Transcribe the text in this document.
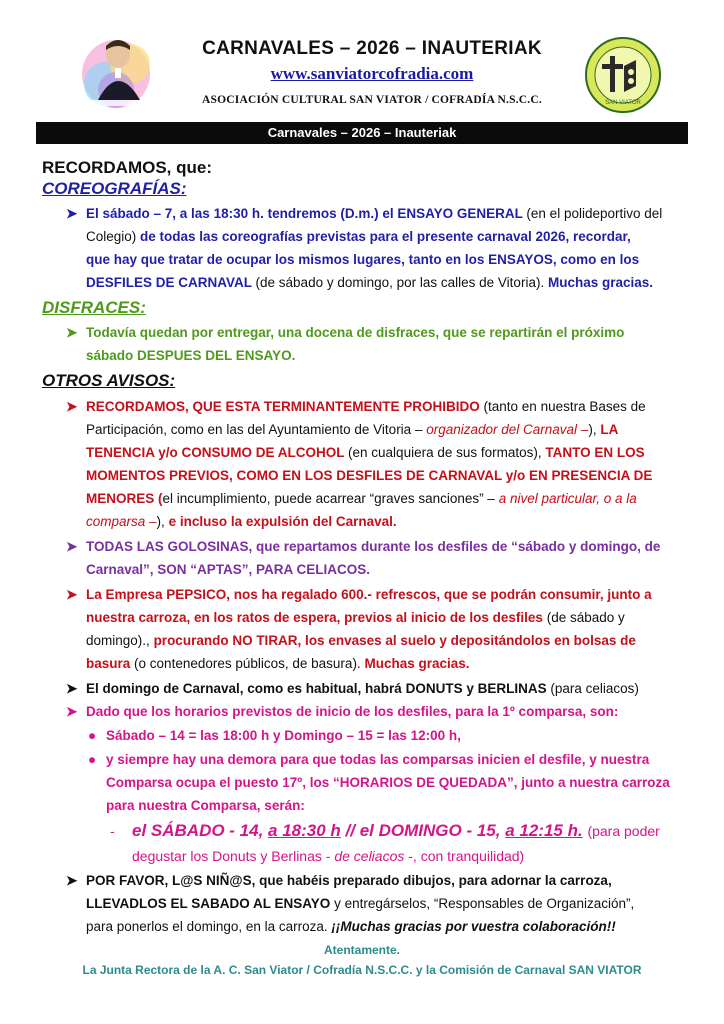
CARNAVALES – 2026 – INAUTERIAK
www.sanviatorcofradia.com
ASOCIACIÓN CULTURAL SAN VIATOR / COFRADÍA N.S.C.C.	SAN VIATOR
Carnavales – 2026 – Inauteriak
RECORDAMOS, que:
COREOGRAFÍAS:
➤ El sábado – 7, a las 18:30 h. tendremos (D.m.) el ENSAYO GENERAL (en el polideportivo del
Colegio) de todas las coreografías previstas para el presente carnaval 2026, recordar,
que hay que tratar de ocupar los mismos lugares, tanto en los ENSAYOS, como en los
DESFILES DE CARNAVAL (de sábado y domingo, por las calles de Vitoria). Muchas gracias.
DISFRACES:
➤ Todavía quedan por entregar, una docena de disfraces, que se repartirán el próximo
sábado DESPUES DEL ENSAYO.
OTROS AVISOS:
➤ RECORDAMOS, QUE ESTA TERMINANTEMENTE PROHIBIDO (tanto en nuestra Bases de
Participación, como en las del Ayuntamiento de Vitoria – organizador del Carnaval –), LA
TENENCIA y/o CONSUMO DE ALCOHOL (en cualquiera de sus formatos), TANTO EN LOS
MOMENTOS PREVIOS, COMO EN LOS DESFILES DE CARNAVAL y/o EN PRESENCIA DE
MENORES (el incumplimiento, puede acarrear “graves sanciones” – a nivel particular, o a la
comparsa –), e incluso la expulsión del Carnaval.
➤ TODAS LAS GOLOSINAS, que repartamos durante los desfiles de “sábado y domingo, de
Carnaval”, SON “APTAS”, PARA CELIACOS.
➤ La Empresa PEPSICO, nos ha regalado 600.- refrescos, que se podrán consumir, junto a
nuestra carroza, en los ratos de espera, previos al inicio de los desfiles (de sábado y
domingo)., procurando NO TIRAR, los envases al suelo y depositándolos en bolsas de
basura (o contenedores públicos, de basura). Muchas gracias.
➤ El domingo de Carnaval, como es habitual, habrá DONUTS y BERLINAS (para celiacos)
➤ Dado que los horarios previstos de inicio de los desfiles, para la 1º comparsa, son:
● Sábado – 14 = las 18:00 h y Domingo – 15 = las 12:00 h,
● y siempre hay una demora para que todas las comparsas inicien el desfile, y nuestra
Comparsa ocupa el puesto 17º, los “HORARIOS DE QUEDADA”, junto a nuestra carroza
para nuestra Comparsa, serán:
- el SÁBADO - 14, a 18:30 h // el DOMINGO - 15, a 12:15 h. (para poder
degustar los Donuts y Berlinas - de celiacos -, con tranquilidad)
➤ POR FAVOR, L@S NIÑ@S, que habéis preparado dibujos, para adornar la carroza,
LLEVADLOS EL SABADO AL ENSAYO y entregárselos, “Responsables de Organización”,
para ponerlos el domingo, en la carroza. ¡¡Muchas gracias por vuestra colaboración!!
Atentamente.
La Junta Rectora de la A. C. San Viator / Cofradía N.S.C.C. y la Comisión de Carnaval SAN VIATOR
